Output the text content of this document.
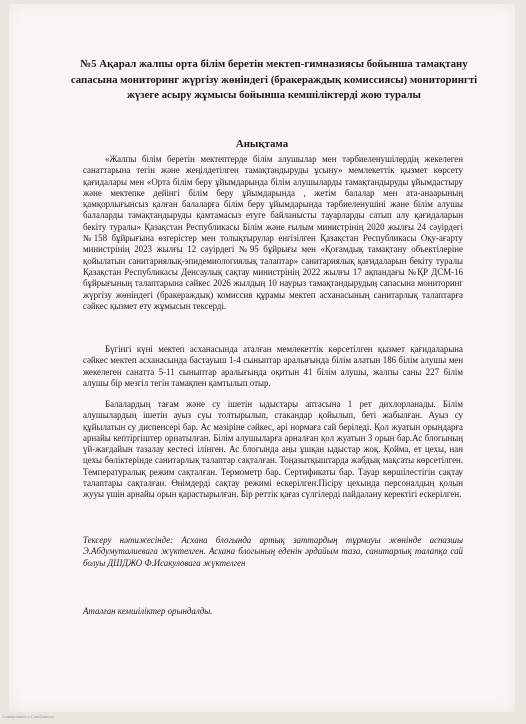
№5 Ақарал жалпы орта білім беретін мектеп-гимназиясы бойынша тамақтану сапасына мониторинг жүргізу жөніндегі (бракераждық комиссиясы) мониторингті жүзеге асыру жұмысы бойынша кемшіліктерді жою туралы
Анықтама

«Жалпы білім беретін мектептерде білім алушылар мен тәрбиеленушілердің жекелеген санаттарына тегін және жеңілдетілген тамақтандыруды ұсыну» мемлекеттік қызмет көрсету қағидалары мен «Орта білім беру ұйымдарында білім алушыларды тамақтандыруды ұйымдастыру және мектепке дейінгі білім беру ұйымдарында , жетім балалар мен ата-анаарының қамқорлығынсыз қалған балаларға білім беру ұйымдарында тәрбиеленушіні және білім алушы балаларды тамақтандыруды қамтамасыз етуге байланысты тауарларды сатып алу қағидаларын бекіту туралы» Қазақстан Республикасы Білім және ғылым министрінің 2020 жылғы 24 сәуірдегі №158 бұйрығына өзгерістер мен толықтырулар енгізілген Қазақстан Республикасы Оқу-ағарту министрінің 2023 жылғы 12 сәуірдегі №95 бұйрығы мен «Қоғамдық тамақтану объектілеріне қойылатын санитариялық-эпидемиологиялық талаптар» санитариялық қағидаларын бекіту туралы Қазақстан Республикасы Денсаулық сақтау министрінің 2022 жылғы 17 ақпандағы №ҚР ДСМ-16 бұйрығының талаптарына сәйкес 2026 жылдың 10 наурыз тамақтандырудың сапасына мониторинг жүргізу жөніндегі (бракераждық) комиссия құрамы мектеп асханасының санитарлық талаптарға сәйкес қызмет ету жұмысын тексерді.

Бүгінгі күні мектеп асханасында аталған мемлекеттік көрсетілген қызмет қағидаларына сәйкес мектеп асханасында бастауыш 1-4 сыныптар аралығында білім алатын 186 білім алушы мен жекелеген санатта 5-11 сыныптар аралығында оқитын 41 білім алушы, жалпы саны 227 білім алушы бір мезгіл тегін тамақпен қамтылып отыр.

Балалардың тағам және су ішетін ыдыстары аптасына 1 рет дихлорланады. Білім алушылардың ішетін ауыз суы толтырылып, стакандар қойылып, беті жабылған. Ауыз су құйылатын су диспенсері бар. Ас мәзіріне сәйкес, әрі нормаға сай беріледі. Қол жуатын орындарға арнайы кептіргіштер орнатылған. Білім алушыларға арналған қол жуатын 3 орын бар.Ас блогының үй-жағдайын тазалау кестесі ілінген. Ас блогында аңы ұшқан ыдыстар жоқ. Қойма, ет цехы, нан цехы бөліктерінде санитарлық талаптар сақталған. Тоңазытқыштарда жабдық мақсаты көрсетілген. Температуралық режим сақталған. Термометр бар. Сертификаты бар. Тауар көршілестігін сақтау талаптары сақталған. Өнімдерді сақтау режимі ескерілген.Пісіру цехында персоналдың қолын жууы үшін арнайы орын қарастырылған. Бір реттік қағаз сүлгілерді пайдалану керектігі ескерілген.

Тексеру нәтижесінде: Асхана блогында артық заттардың тұрмауы жөнінде аспазшы Э.Абдумуталиевага жүктелген. Асхана блогының еденін әрдайым таза, санитарлық талапқа сай болуы ДШДЖО Ф.Исакуловага жүктелген

Аталған кемшіліктер орындалды.

Сканировано с CamScanner
